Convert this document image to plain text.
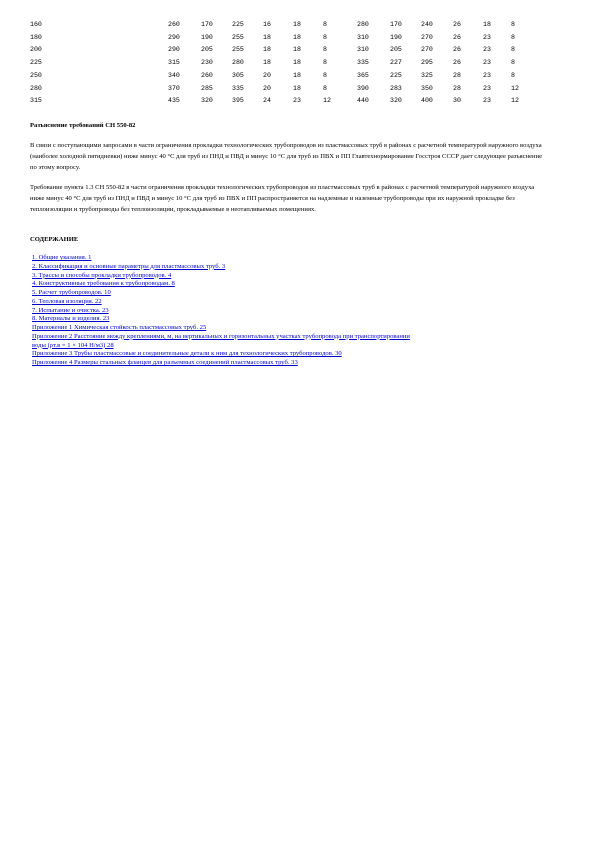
160	260	170	225	16	18	8	280	170	240	26	18	8
180	290	190	255	18	18	8	310	190	270	26	23	8
200	290	205	255	18	18	8	310	205	270	26	23	8
225	315	230	280	18	18	8	335	227	295	26	23	8
250	340	260	305	20	18	8	365	225	325	28	23	8
280	370	285	335	20	18	8	390	283	350	28	23	12
315	435	320	395	24	23	12	440	320	400	30	23	12

Разъяснение требований СН 550-82

В связи с поступающими запросами в части ограничения прокладки технологических трубопроводов из пластмассовых труб в районах с расчетной температурой наружного воздуха (наиболее холодной пятидневки) ниже минус 40 °С для труб из ПНД и ПВД и минус 10 °С для труб из ПВХ и ПП Главтехнормирование Госстроя СССР дает следующее разъяснение по этому вопросу.

Требование пункта 1.3 СН 550-82 в части ограничения прокладки технологических трубопроводов из пластмассовых труб в районах с расчетной температурой наружного воздуха ниже минус 40 °С для труб из ПНД и ПВД и минус 10 °С для труб из ПВХ и ПП распространяется на надземные и наземные трубопроводы при их наружной прокладке без теплоизоляции и трубопроводы без теплоизоляции, прокладываемые в неотапливаемых помещениях.

СОДЕРЖАНИЕ

1. Общие указания. 1
2. Классификация и основные параметры для пластмассовых труб. 3
3. Трассы и способы прокладки трубопроводов. 4
4. Конструктивные требования к трубопроводам. 8
5. Расчет трубопроводов. 10
6. Тепловая изоляция. 22
7. Испытание и очистка. 23
8. Материалы и изделия. 23
Приложение 1 Химическая стойкость пластмассовых труб. 25
Приложение 2 Расстояние между креплениями, м, на вертикальных и горизонтальных участках трубопровода при транспортировании воды (ρт.в = 1 × 104 Н/м3) 28
Приложение 3 Трубы пластмассовые и соединительные детали к ним для технологических трубопроводов. 30
Приложение 4 Размеры стальных фланцев для разъемных соединений пластмассовых труб. 33
